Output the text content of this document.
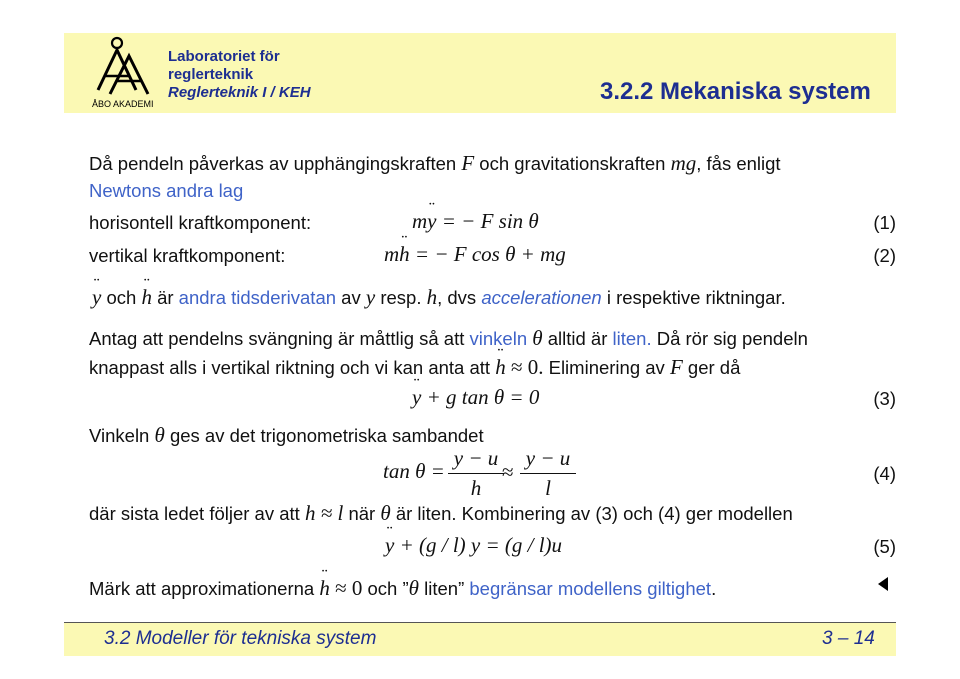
ÅBO AKADEMI
Laboratoriet för
reglerteknik
Reglerteknik I / KEH	3.2.2 Mekaniska system
Då pendeln påverkas av upphängingskraften F och gravitationskraften mg, fås enligt
Newtons andra lag
horisontell kraftkomponent:	m¨ y = − F sin θ	(1)
vertikal kraftkomponent:	m¨ h = − F cos θ + mg	(2)
¨ y och ¨ h är andra tidsderivatan av y resp. h, dvs accelerationen i respektive riktningar.
Antag att pendelns svängning är måttlig så att vinkeln θ alltid är liten. Då rör sig pendeln
knappast alls i vertikal riktning och vi kan anta att ¨ h ≈ 0. Eliminering av F ger då
¨ y + g tan θ = 0	(3)
Vinkeln θ ges av det trigonometriska sambandet
tan θ =
y − u
h
≈
y − u
l
(4)
där sista ledet följer av att h ≈ l när θ är liten. Kombinering av (3) och (4) ger modellen
¨ y + (g / l) y = (g / l)u	(5)
Märk att approximationerna ¨ h ≈ 0 och ”θ liten” begränsar modellens giltighet.
3.2 Modeller för tekniska system	3 – 14
